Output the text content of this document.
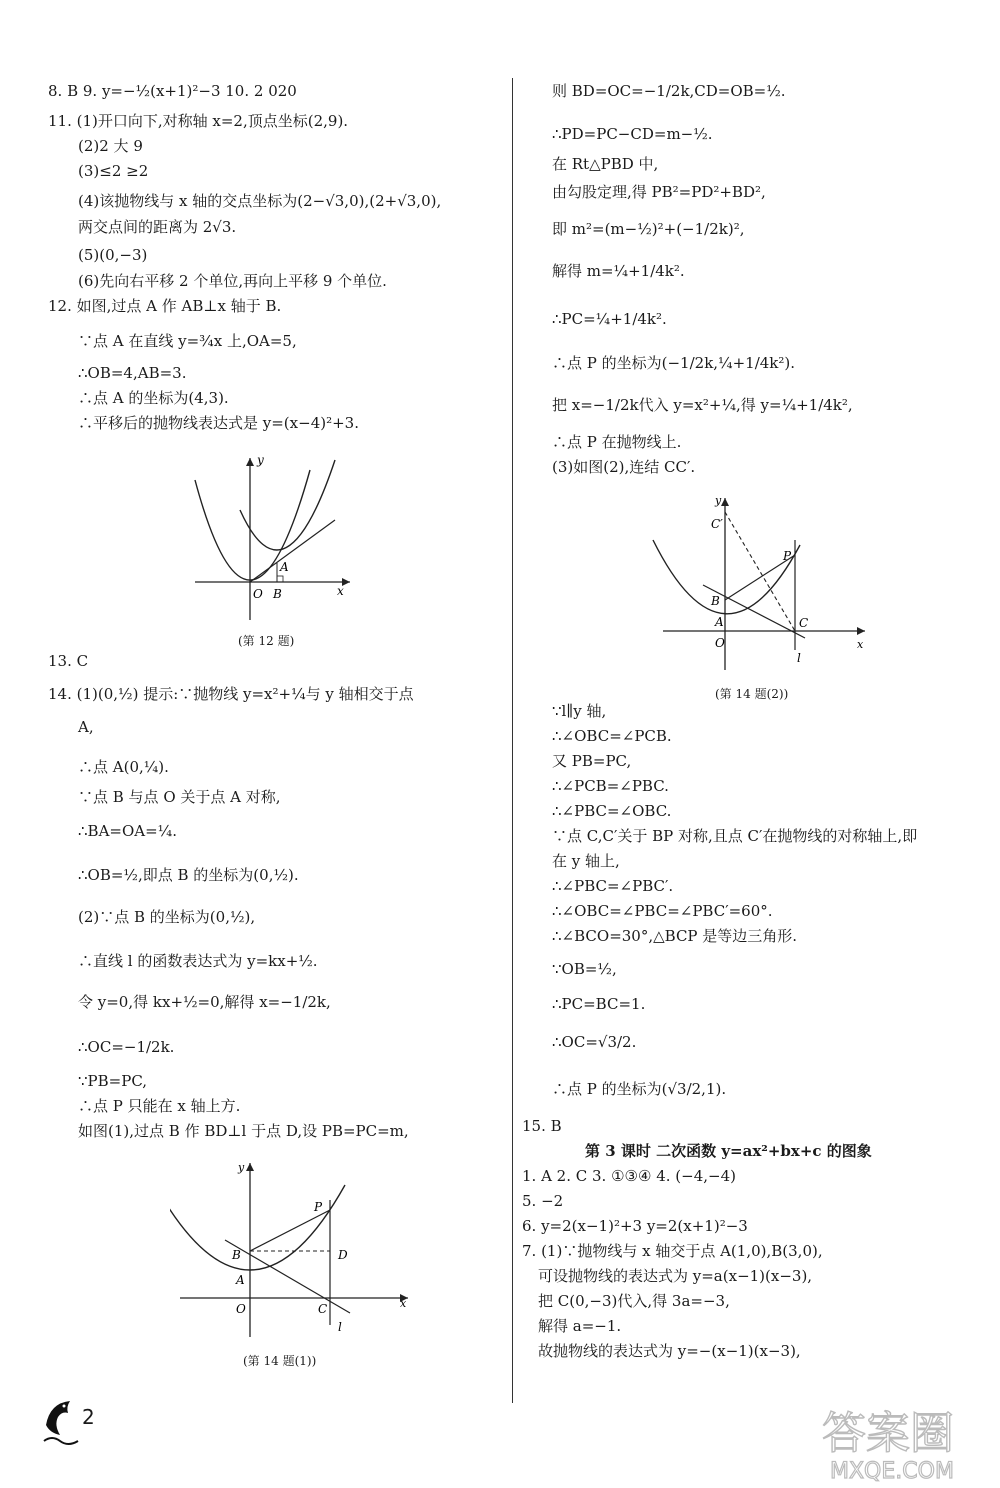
y
x
O B
A
(第 12 题)
y
C′
P
B
A	C
O
l
x
(第 14 题(2))
y
P
B	D
A
O	C
l
x
(第 14 题(1))
2	答案圈
MXQE.COM
8. B 9. y=−½(x+1)²−3 10. 2 020
11. (1)开口向下,对称轴 x=2,顶点坐标(2,9).
(2)2 大 9
(3)≤2 ≥2
(4)该抛物线与 x 轴的交点坐标为(2−√3,0),(2+√3,0),
两交点间的距离为 2√3.
(5)(0,−3)
(6)先向右平移 2 个单位,再向上平移 9 个单位.
12. 如图,过点 A 作 AB⊥x 轴于 B.
∵点 A 在直线 y=¾x 上,OA=5,
∴OB=4,AB=3.
∴点 A 的坐标为(4,3).
∴平移后的抛物线表达式是 y=(x−4)²+3.
13. C
14. (1)(0,½) 提示:∵抛物线 y=x²+¼与 y 轴相交于点
A,
∴点 A(0,¼).
∵点 B 与点 O 关于点 A 对称,
∴BA=OA=¼.
∴OB=½,即点 B 的坐标为(0,½).
(2)∵点 B 的坐标为(0,½),
∴直线 l 的函数表达式为 y=kx+½.
令 y=0,得 kx+½=0,解得 x=−1/2k,
∴OC=−1/2k.
∵PB=PC,
∴点 P 只能在 x 轴上方.
如图(1),过点 B 作 BD⊥l 于点 D,设 PB=PC=m,
则 BD=OC=−1/2k,CD=OB=½.
∴PD=PC−CD=m−½.
在 Rt△PBD 中,
由勾股定理,得 PB²=PD²+BD²,
即 m²=(m−½)²+(−1/2k)²,
解得 m=¼+1/4k².
∴PC=¼+1/4k².
∴点 P 的坐标为(−1/2k,¼+1/4k²).
把 x=−1/2k代入 y=x²+¼,得 y=¼+1/4k²,
∴点 P 在抛物线上.
(3)如图(2),连结 CC′.
∵l∥y 轴,
∴∠OBC=∠PCB.
又 PB=PC,
∴∠PCB=∠PBC.
∴∠PBC=∠OBC.
∵点 C,C′关于 BP 对称,且点 C′在抛物线的对称轴上,即
在 y 轴上,
∴∠PBC=∠PBC′.
∴∠OBC=∠PBC=∠PBC′=60°.
∴∠BCO=30°,△BCP 是等边三角形.
∵OB=½,
∴PC=BC=1.
∴OC=√3/2.
∴点 P 的坐标为(√3/2,1).
15. B
第 3 课时 二次函数 y=ax²+bx+c 的图象
1. A 2. C 3. ①③④ 4. (−4,−4)
5. −2
6. y=2(x−1)²+3 y=2(x+1)²−3
7. (1)∵抛物线与 x 轴交于点 A(1,0),B(3,0),
可设抛物线的表达式为 y=a(x−1)(x−3),
把 C(0,−3)代入,得 3a=−3,
解得 a=−1.
故抛物线的表达式为 y=−(x−1)(x−3),
